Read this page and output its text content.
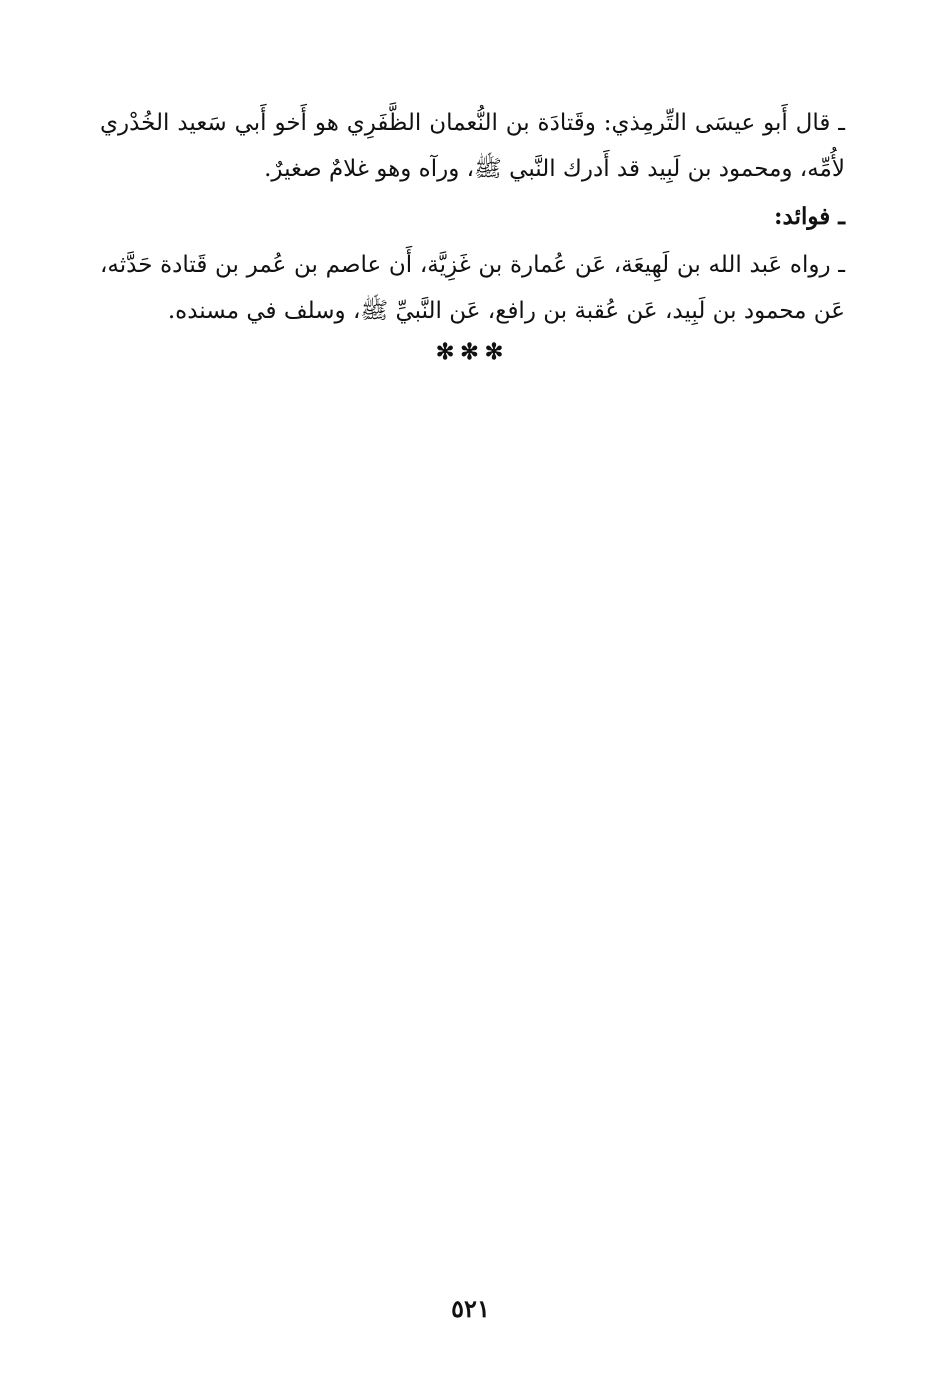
ـ قال أَبو عيسَى التِّرمِذي: وقَتادَة بن النُّعمان الظَّفَرِي هو أَخو أَبي سَعيد الخُدْري لأُمِّه، ومحمود بن لَبِيد قد أَدرك النَّبي ﷺ، ورآه وهو غلامٌ صغيرٌ.

ـ فوائد:

ـ رواه عَبد الله بن لَهِيعَة، عَن عُمارة بن غَزِيَّة، أَن عاصم بن عُمر بن قَتادة حَدَّثه، عَن محمود بن لَبِيد، عَن عُقبة بن رافع، عَن النَّبيِّ ﷺ، وسلف في مسنده.

✻✻✻
٥٢١
